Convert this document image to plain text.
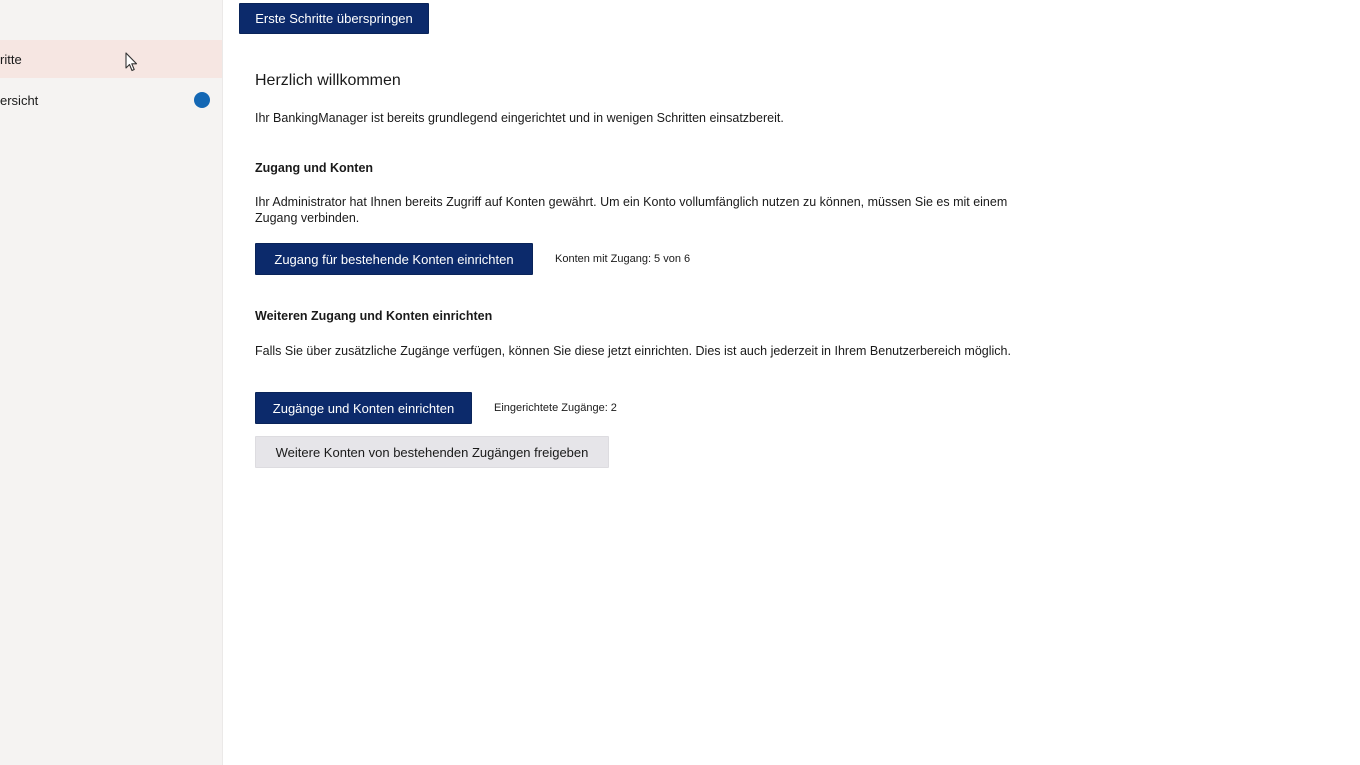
ritte
ersicht
Erste Schritte überspringen
Herzlich willkommen

Ihr BankingManager ist bereits grundlegend eingerichtet und in wenigen Schritten einsatzbereit.

Zugang und Konten

Ihr Administrator hat Ihnen bereits Zugriff auf Konten gewährt. Um ein Konto vollumfänglich nutzen zu können, müssen Sie es mit einem Zugang verbinden.

Zugang für bestehende Konten einrichten	Konten mit Zugang: 5 von 6
Weiteren Zugang und Konten einrichten

Falls Sie über zusätzliche Zugänge verfügen, können Sie diese jetzt einrichten. Dies ist auch jederzeit in Ihrem Benutzerbereich möglich.

Zugänge und Konten einrichten	Eingerichtete Zugänge: 2
Weitere Konten von bestehenden Zugängen freigeben
